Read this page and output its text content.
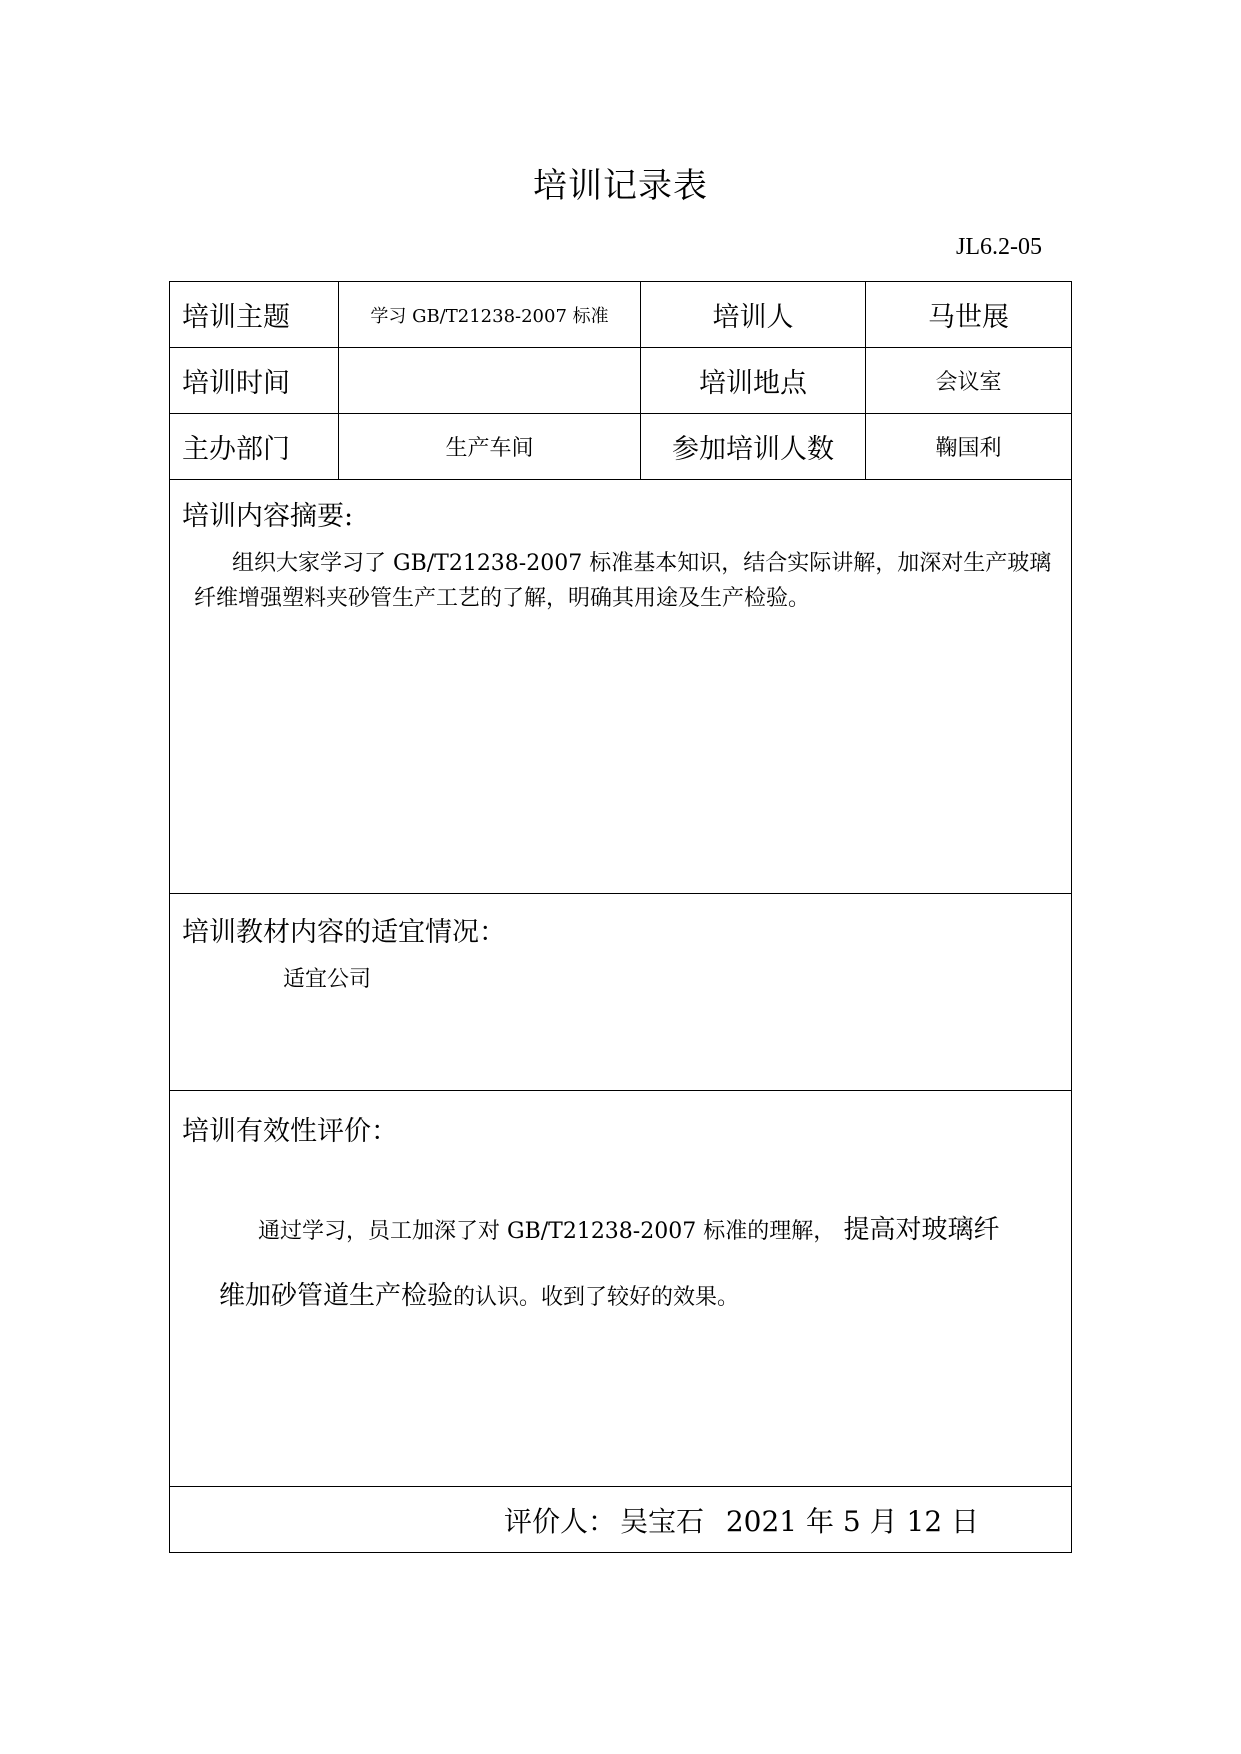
培训记录表
JL6.2-05
培训主题	学习 GB/T21238-2007 标准	培训人	马世展
培训时间		培训地点	会议室
主办部门	生产车间	参加培训人数	鞠国利

培训内容摘要:
组织大家学习了 GB/T21238-2007 标准基本知识，结合实际讲解，加深对生产玻璃纤维增强塑料夹砂管生产工艺的了解，明确其用途及生产检验。			

培训教材内容的适宜情况：
适宜公司			

培训有效性评价：
通过学习，员工加深了对 GB/T21238-2007 标准的理解， 提高对玻璃纤
维加砂管道生产检验的认识。收到了较好的效果。			

评价人： 吴宝石 2021 年 5 月 12 日			
